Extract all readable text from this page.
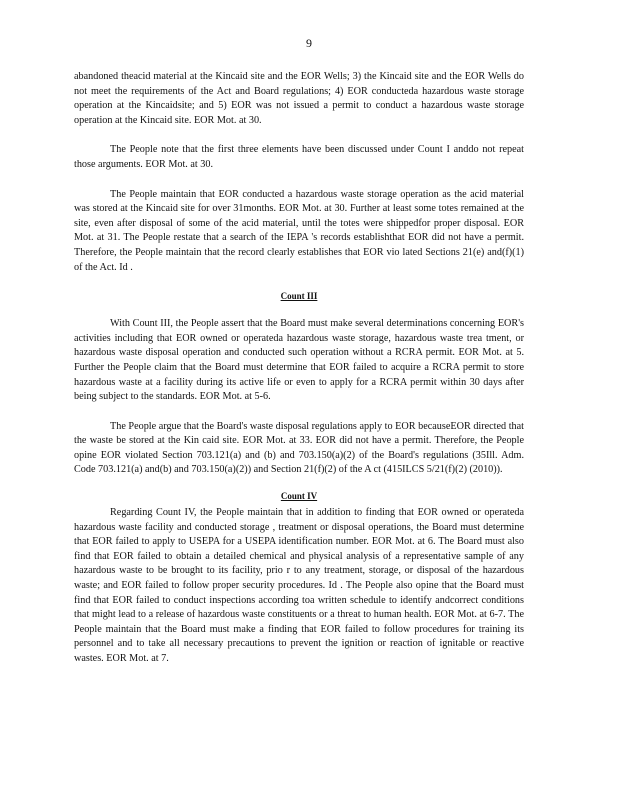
9

abandoned theacid material at the Kincaid site and the EOR Wells; 3) the Kincaid site and the EOR Wells do not meet the requirements of the Act and Board regulations; 4) EOR conducteda hazardous waste storage operation at the Kincaidsite; and 5) EOR was not issued a permit to conduct a hazardous waste storage operation at the Kincaid site. EOR Mot. at 30.

The People note that the first three elements have been discussed under Count I anddo not repeat those arguments. EOR Mot. at 30.

The People maintain that EOR conducted a hazardous waste storage operation as the acid material was stored at the Kincaid site for over 31months. EOR Mot. at 30. Further at least some totes remained at the site, even after disposal of some of the acid material, until the totes were shippedfor proper disposal. EOR Mot. at 31. The People restate that a search of the IEPA 's records establishthat EOR did not have a permit. Therefore, the People maintain that the record clearly establishes that EOR vio lated Sections 21(e) and(f)(1) of the Act. Id .

Count III

With Count III, the People assert that the Board must make several determinations concerning EOR's activities including that EOR owned or operateda hazardous waste storage, hazardous waste trea tment, or hazardous waste disposal operation and conducted such operation without a RCRA permit. EOR Mot. at 5. Further the People claim that the Board must determine that EOR failed to acquire a RCRA permit to store hazardous waste at a facility during its active life or even to apply for a RCRA permit within 30 days after being subject to the standards. EOR Mot. at 5-6.

The People argue that the Board's waste disposal regulations apply to EOR becauseEOR directed that the waste be stored at the Kin caid site. EOR Mot. at 33. EOR did not have a permit. Therefore, the People opine EOR violated Section 703.121(a) and (b) and 703.150(a)(2) of the Board's regulations (35Ill. Adm. Code 703.121(a) and(b) and 703.150(a)(2)) and Section 21(f)(2) of the A ct (415ILCS 5/21(f)(2) (2010)).

Count IV

Regarding Count IV, the People maintain that in addition to finding that EOR owned or operateda hazardous waste facility and conducted storage , treatment or disposal operations, the Board must determine that EOR failed to apply to USEPA for a USEPA identification number. EOR Mot. at 6. The Board must also find that EOR failed to obtain a detailed chemical and physical analysis of a representative sample of any hazardous waste to be brought to its facility, prio r to any treatment, storage, or disposal of the hazardous waste; and EOR failed to follow proper security procedures. Id . The People also opine that the Board must find that EOR failed to conduct inspections according toa written schedule to identify andcorrect conditions that might lead to a release of hazardous waste constituents or a threat to human health. EOR Mot. at 6-7. The People maintain that the Board must make a finding that EOR failed to follow procedures for training its personnel and to take all necessary precautions to prevent the ignition or reaction of ignitable or reactive wastes. EOR Mot. at 7.
